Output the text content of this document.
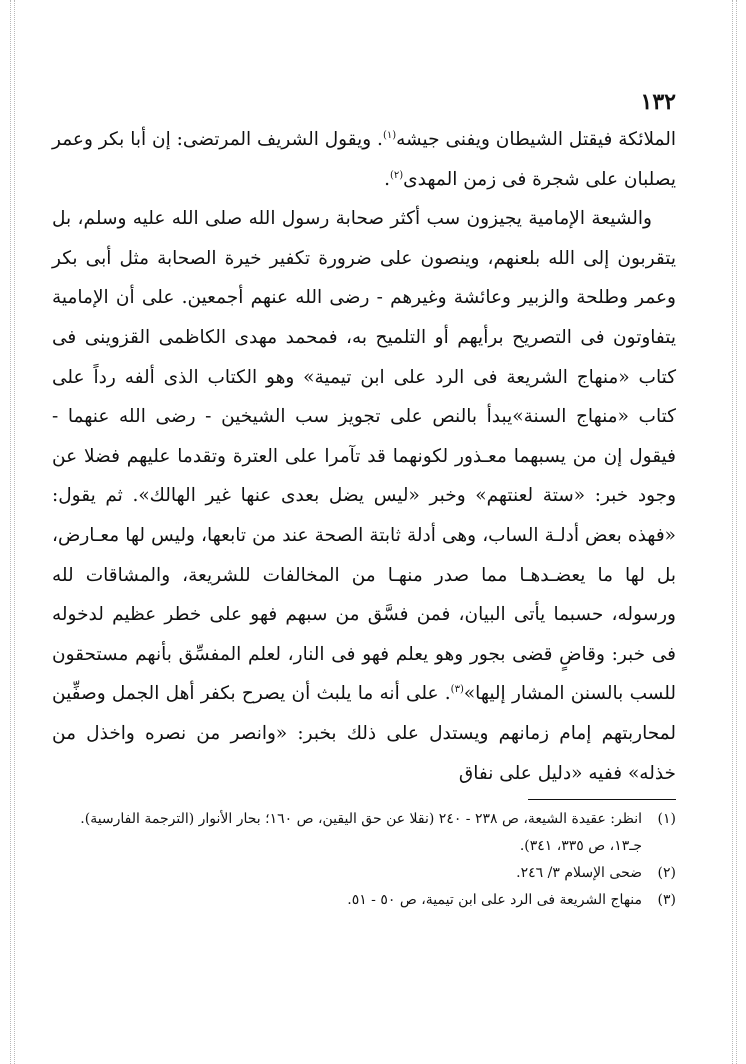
١٣٢

الملائكة فيقتل الشيطان ويفنى جيشه$^{(١)}$. ويقول الشريف المرتضى: إن أبا بكر وعمر يصلبان على شجرة فى زمن المهدى$^{(٢)}$.

والشيعة الإمامية يجيزون سب أكثر صحابة رسول الله صلى الله عليه وسلم، بل يتقربون إلى الله بلعنهم، وينصون على ضرورة تكفير خيرة الصحابة مثل أبى بكر وعمر وطلحة والزبير وعائشة وغيرهم - رضى الله عنهم أجمعين. على أن الإمامية يتفاوتون فى التصريح برأيهم أو التلميح به، فمحمد مهدى الكاظمى القزوينى فى كتاب «منهاج الشريعة فى الرد على ابن تيمية» وهو الكتاب الذى ألفه رداً على كتاب «منهاج السنة»يبدأ بالنص على تجويز سب الشيخين - رضى الله عنهما - فيقول إن من يسبهما معـذور لكونهما قد تآمرا على العترة وتقدما عليهم فضلا عن وجود خبر: «ستة لعنتهم» وخبر «ليس يضل بعدى عنها غير الهالك». ثم يقول: «فهذه بعض أدلـة الساب، وهى أدلة ثابتة الصحة عند من تابعها، وليس لها معـارض، بل لها ما يعضـدهـا مما صدر منهـا من المخالفات للشريعة، والمشاقات لله ورسوله، حسبما يأتى البيان، فمن فسَّق من سبهم فهو على خطر عظيم لدخوله فى خبر: وقاضٍ قضى بجور وهو يعلم فهو فى النار، لعلم المفسِّق بأنهم مستحقون للسب بالسنن المشار إليها»$^{(٣)}$. على أنه ما يلبث أن يصرح بكفر أهل الجمل وصفِّين لمحاربتهم إمام زمانهم ويستدل على ذلك بخبر: «وانصر من نصره واخذل من خذله» ففيه «دليل على نفاق

(١)
انظر: عقيدة الشيعة، ص ٢٣٨ - ٢٤٠ (نقلا عن حق اليقين، ص ١٦٠؛ بحار الأنوار (الترجمة الفارسية). جـ١٣، ص ٣٣٥، ٣٤١).
(٢)
ضحى الإسلام ٣/ ٢٤٦.
(٣)
منهاج الشريعة فى الرد على ابن تيمية، ص ٥٠ - ٥١.
